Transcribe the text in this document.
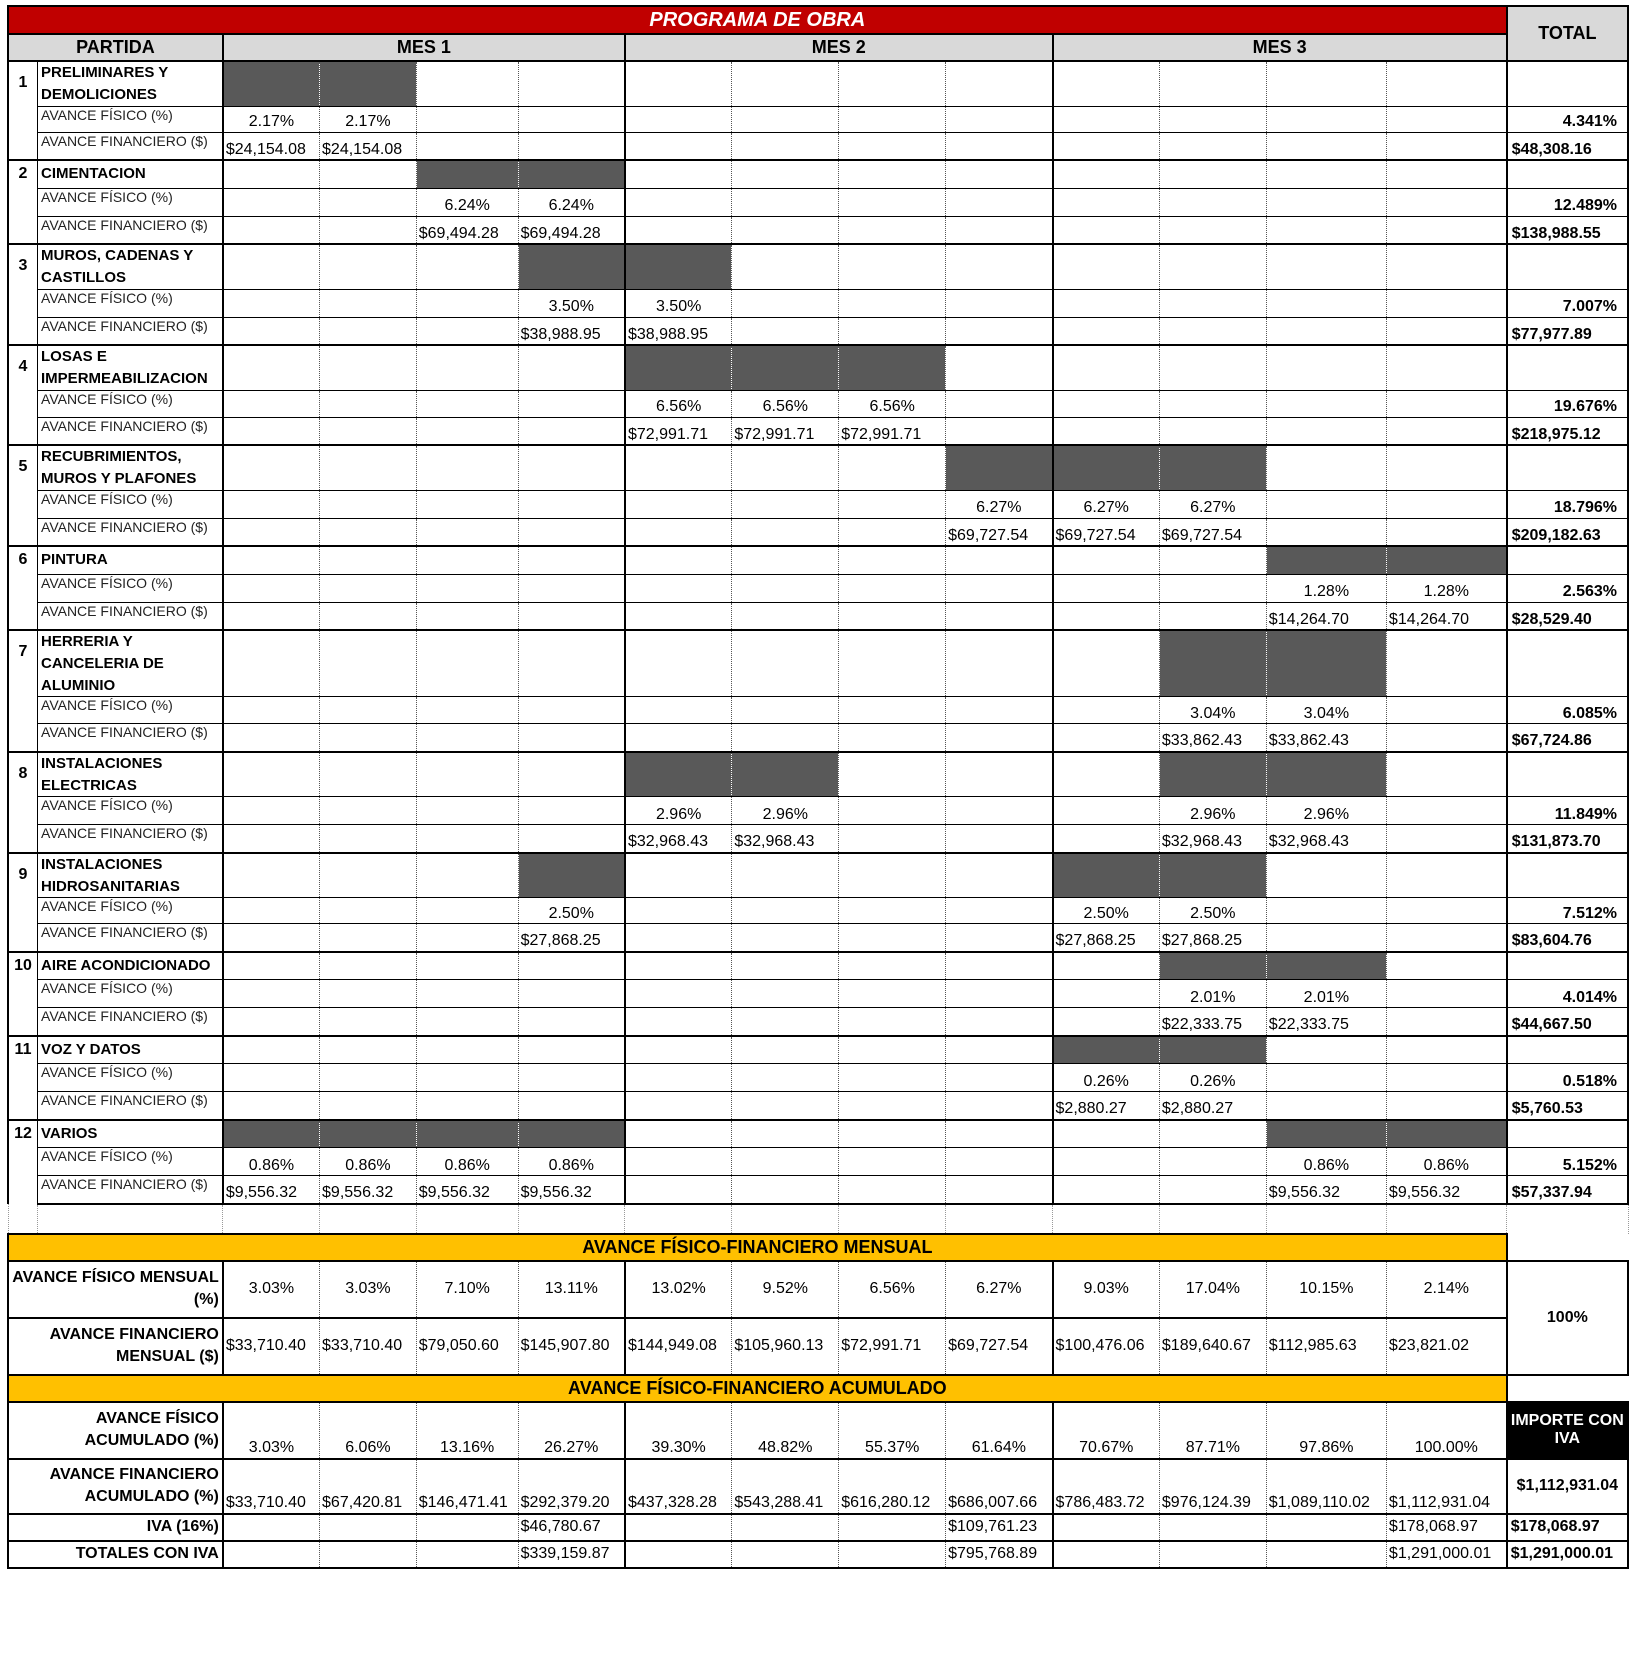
PROGRAMA DE OBRA														TOTAL
PARTIDA		MES 1				MES 2				MES 3				
1	PRELIMINARES Y DEMOLICIONES													
	AVANCE FÍSICO (%)	2.17%	2.17%											4.341%
	AVANCE FINANCIERO ($)	$24,154.08	$24,154.08											$48,308.16
2	CIMENTACION													
	AVANCE FÍSICO (%)			6.24%	6.24%									12.489%
	AVANCE FINANCIERO ($)			$69,494.28	$69,494.28									$138,988.55
3	MUROS, CADENAS Y CASTILLOS													
	AVANCE FÍSICO (%)				3.50%	3.50%								7.007%
	AVANCE FINANCIERO ($)				$38,988.95	$38,988.95								$77,977.89
4	LOSAS E IMPERMEABILIZACION													
	AVANCE FÍSICO (%)					6.56%	6.56%	6.56%						19.676%
	AVANCE FINANCIERO ($)					$72,991.71	$72,991.71	$72,991.71						$218,975.12
5	RECUBRIMIENTOS, MUROS Y PLAFONES													
	AVANCE FÍSICO (%)								6.27%	6.27%	6.27%			18.796%
	AVANCE FINANCIERO ($)								$69,727.54	$69,727.54	$69,727.54			$209,182.63
6	PINTURA													
	AVANCE FÍSICO (%)											1.28%	1.28%	2.563%
	AVANCE FINANCIERO ($)											$14,264.70	$14,264.70	$28,529.40
7	HERRERIA Y CANCELERIA DE ALUMINIO													
	AVANCE FÍSICO (%)										3.04%	3.04%		6.085%
	AVANCE FINANCIERO ($)										$33,862.43	$33,862.43		$67,724.86
8	INSTALACIONES ELECTRICAS													
	AVANCE FÍSICO (%)					2.96%	2.96%				2.96%	2.96%		11.849%
	AVANCE FINANCIERO ($)					$32,968.43	$32,968.43				$32,968.43	$32,968.43		$131,873.70
9	INSTALACIONES HIDROSANITARIAS													
	AVANCE FÍSICO (%)				2.50%					2.50%	2.50%			7.512%
	AVANCE FINANCIERO ($)				$27,868.25					$27,868.25	$27,868.25			$83,604.76
10	AIRE ACONDICIONADO													
	AVANCE FÍSICO (%)										2.01%	2.01%		4.014%
	AVANCE FINANCIERO ($)										$22,333.75	$22,333.75		$44,667.50
11	VOZ Y DATOS													
	AVANCE FÍSICO (%)									0.26%	0.26%			0.518%
	AVANCE FINANCIERO ($)									$2,880.27	$2,880.27			$5,760.53
12	VARIOS													
	AVANCE FÍSICO (%)	0.86%	0.86%	0.86%	0.86%							0.86%	0.86%	5.152%
	AVANCE FINANCIERO ($)	$9,556.32	$9,556.32	$9,556.32	$9,556.32							$9,556.32	$9,556.32	$57,337.94

AVANCE FÍSICO-FINANCIERO MENSUAL														
AVANCE FÍSICO MENSUAL (%)		3.03%	3.03%	7.10%	13.11%	13.02%	9.52%	6.56%	6.27%	9.03%	17.04%	10.15%	2.14%	100%
AVANCE FINANCIERO MENSUAL ($)		$33,710.40	$33,710.40	$79,050.60	$145,907.80	$144,949.08	$105,960.13	$72,991.71	$69,727.54	$100,476.06	$189,640.67	$112,985.63	$23,821.02	
AVANCE FÍSICO-FINANCIERO ACUMULADO														
AVANCE FÍSICO ACUMULADO (%)		3.03%	6.06%	13.16%	26.27%	39.30%	48.82%	55.37%	61.64%	70.67%	87.71%	97.86%	100.00%	IMPORTE CON IVA
AVANCE FINANCIERO ACUMULADO (%)		$33,710.40	$67,420.81	$146,471.41	$292,379.20	$437,328.28	$543,288.41	$616,280.12	$686,007.66	$786,483.72	$976,124.39	$1,089,110.02	$1,112,931.04	$1,112,931.04
IVA (16%)					$46,780.67				$109,761.23				$178,068.97	$178,068.97
TOTALES CON IVA					$339,159.87				$795,768.89				$1,291,000.01	$1,291,000.01
